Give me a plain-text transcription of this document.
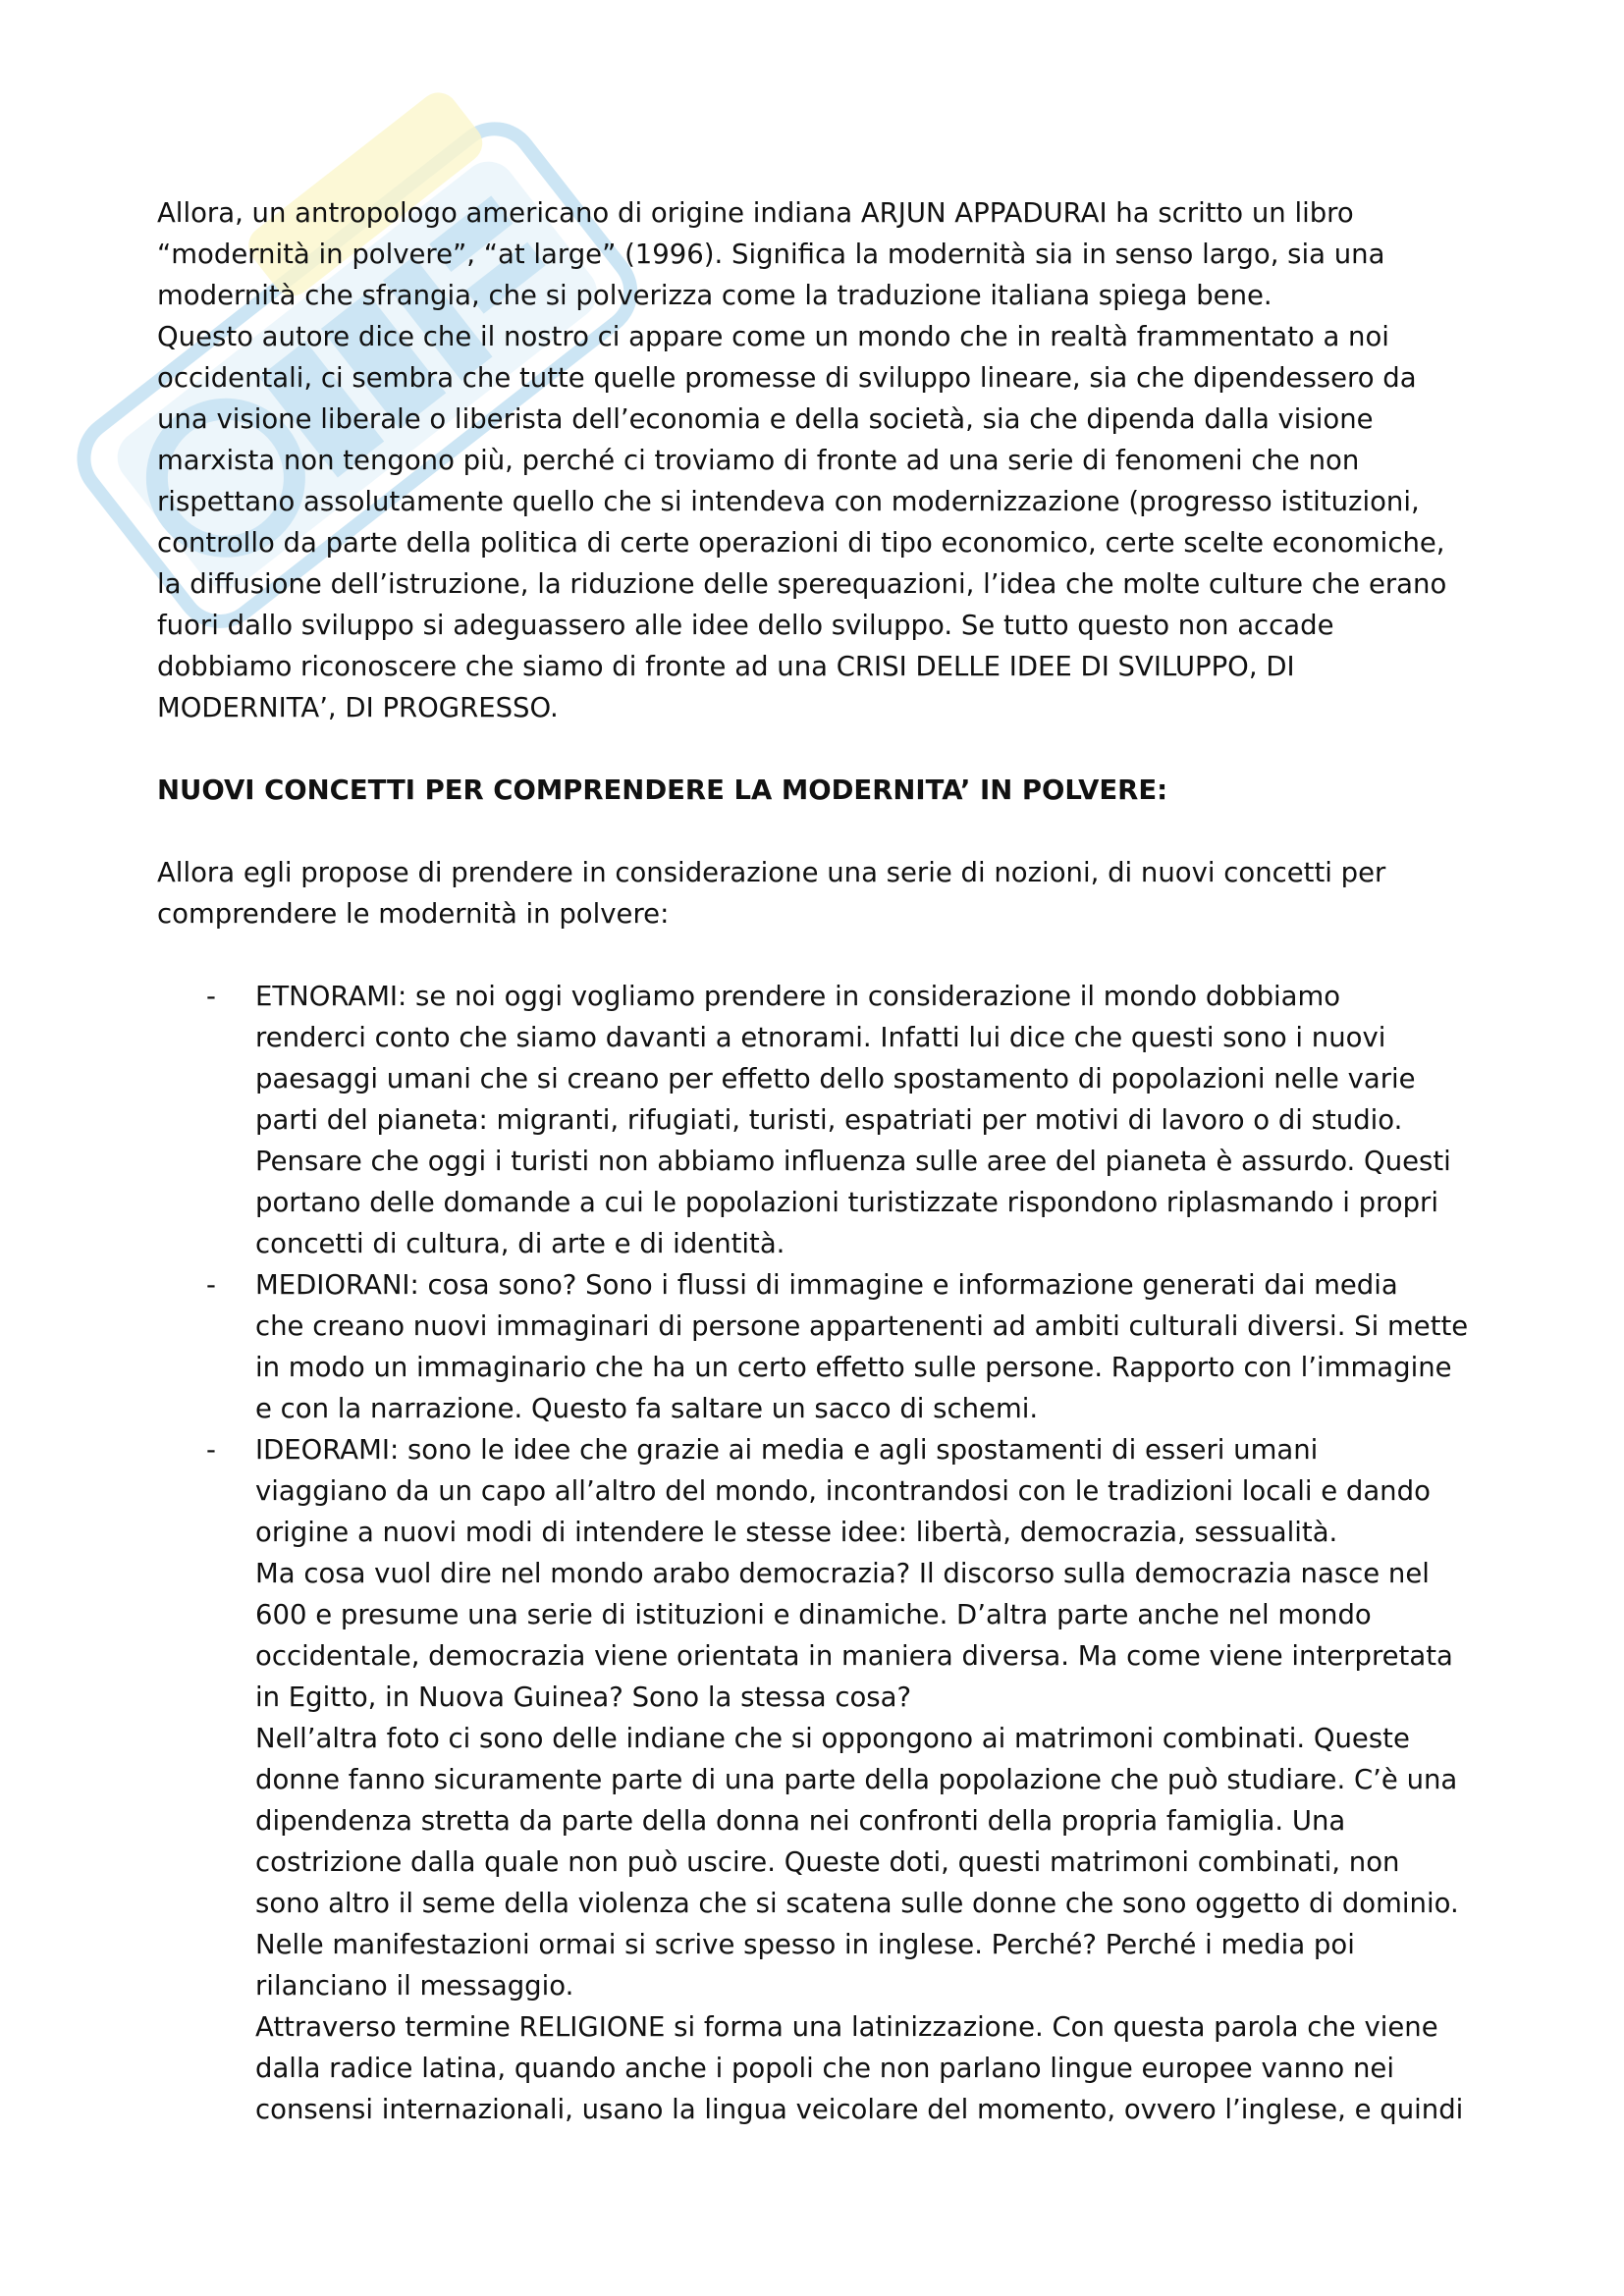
Allora, un antropologo americano di origine indiana ARJUN APPADURAI ha scritto un libro
“modernità in polvere”, “at large” (1996). Significa la modernità sia in senso largo, sia una
modernità che sfrangia, che si polverizza come la traduzione italiana spiega bene.
Questo autore dice che il nostro ci appare come un mondo che in realtà frammentato a noi
occidentali, ci sembra che tutte quelle promesse di sviluppo lineare, sia che dipendessero da
una visione liberale o liberista dell’economia e della società, sia che dipenda dalla visione
marxista non tengono più, perché ci troviamo di fronte ad una serie di fenomeni che non
rispettano assolutamente quello che si intendeva con modernizzazione (progresso istituzioni,
controllo da parte della politica di certe operazioni di tipo economico, certe scelte economiche,
la diffusione dell’istruzione, la riduzione delle sperequazioni, l’idea che molte culture che erano
fuori dallo sviluppo si adeguassero alle idee dello sviluppo. Se tutto questo non accade
dobbiamo riconoscere che siamo di fronte ad una CRISI DELLE IDEE DI SVILUPPO, DI
MODERNITA’, DI PROGRESSO.
NUOVI CONCETTI PER COMPRENDERE LA MODERNITA’ IN POLVERE:
Allora egli propose di prendere in considerazione una serie di nozioni, di nuovi concetti per
comprendere le modernità in polvere:
- ETNORAMI: se noi oggi vogliamo prendere in considerazione il mondo dobbiamo
renderci conto che siamo davanti a etnorami. Infatti lui dice che questi sono i nuovi
paesaggi umani che si creano per effetto dello spostamento di popolazioni nelle varie
parti del pianeta: migranti, rifugiati, turisti, espatriati per motivi di lavoro o di studio.
Pensare che oggi i turisti non abbiamo influenza sulle aree del pianeta è assurdo. Questi
portano delle domande a cui le popolazioni turistizzate rispondono riplasmando i propri
concetti di cultura, di arte e di identità.
- MEDIORANI: cosa sono? Sono i flussi di immagine e informazione generati dai media
che creano nuovi immaginari di persone appartenenti ad ambiti culturali diversi. Si mette
in modo un immaginario che ha un certo effetto sulle persone. Rapporto con l’immagine
e con la narrazione. Questo fa saltare un sacco di schemi.
- IDEORAMI: sono le idee che grazie ai media e agli spostamenti di esseri umani
viaggiano da un capo all’altro del mondo, incontrandosi con le tradizioni locali e dando
origine a nuovi modi di intendere le stesse idee: libertà, democrazia, sessualità.
Ma cosa vuol dire nel mondo arabo democrazia? Il discorso sulla democrazia nasce nel
600 e presume una serie di istituzioni e dinamiche. D’altra parte anche nel mondo
occidentale, democrazia viene orientata in maniera diversa. Ma come viene interpretata
in Egitto, in Nuova Guinea? Sono la stessa cosa?
Nell’altra foto ci sono delle indiane che si oppongono ai matrimoni combinati. Queste
donne fanno sicuramente parte di una parte della popolazione che può studiare. C’è una
dipendenza stretta da parte della donna nei confronti della propria famiglia. Una
costrizione dalla quale non può uscire. Queste doti, questi matrimoni combinati, non
sono altro il seme della violenza che si scatena sulle donne che sono oggetto di dominio.
Nelle manifestazioni ormai si scrive spesso in inglese. Perché? Perché i media poi
rilanciano il messaggio.
Attraverso termine RELIGIONE si forma una latinizzazione. Con questa parola che viene
dalla radice latina, quando anche i popoli che non parlano lingue europee vanno nei
consensi internazionali, usano la lingua veicolare del momento, ovvero l’inglese, e quindi
